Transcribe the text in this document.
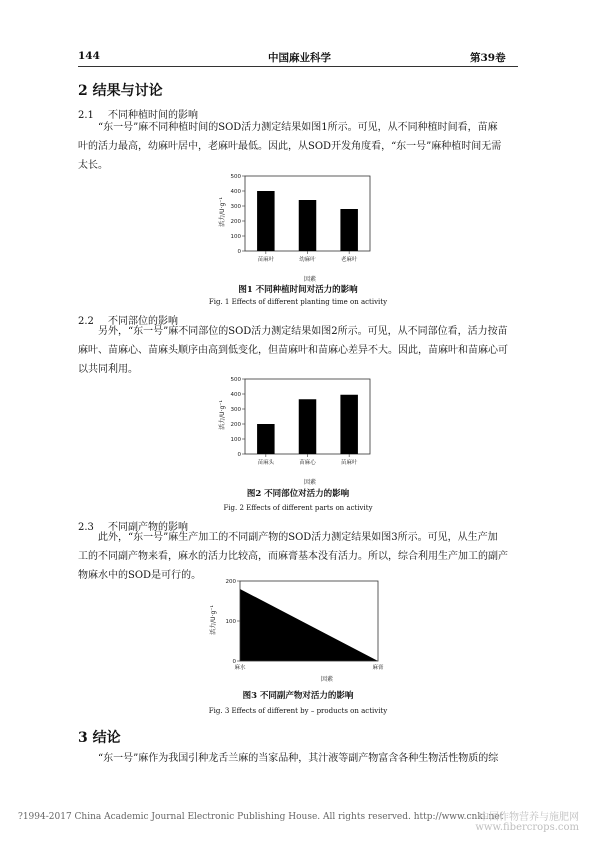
144	中国麻业科学	第39卷
2 结果与讨论
2.1 不同种植时间的影响
“东一号”麻不同种植时间的SOD活力测定结果如图1所示。可见，从不同种植时间看，苗麻
叶的活力最高，幼麻叶居中，老麻叶最低。因此，从SOD开发角度看，“东一号”麻种植时间无需
太长。
活力/U·g⁻¹
0
100
200
300
400
500
苗麻叶	幼麻叶	老麻叶
因素
图1 不同种植时间对活力的影响
Fig. 1 Effects of different planting time on activity
2.2 不同部位的影响
另外，“东一号”麻不同部位的SOD活力测定结果如图2所示。可见，从不同部位看，活力按苗
麻叶、苗麻心、苗麻头顺序由高到低变化，但苗麻叶和苗麻心差异不大。因此，苗麻叶和苗麻心可
以共同利用。
活力/U·g⁻¹
0
100
200
300
400
500
苗麻头	苗麻心	苗麻叶
因素
图2 不同部位对活力的影响
Fig. 2 Effects of different parts on activity
2.3 不同副产物的影响
此外，“东一号”麻生产加工的不同副产物的SOD活力测定结果如图3所示。可见，从生产加
工的不同副产物来看，麻水的活力比较高，而麻膏基本没有活力。所以，综合利用生产加工的副产
物麻水中的SOD是可行的。
活力/U·g⁻¹
0
100
200
麻水	麻膏
因素
图3 不同副产物对活力的影响
Fig. 3 Effects of different by – products on activity
3 结论
“东一号”麻作为我国引种龙舌兰麻的当家品种，其汁液等副产物富含各种生物活性物质的综
?1994-2017 China Academic Journal Electronic Publishing House. All rights reserved. http://www.cnki.net
中国作物营养与施肥网
www.fibercrops.com
